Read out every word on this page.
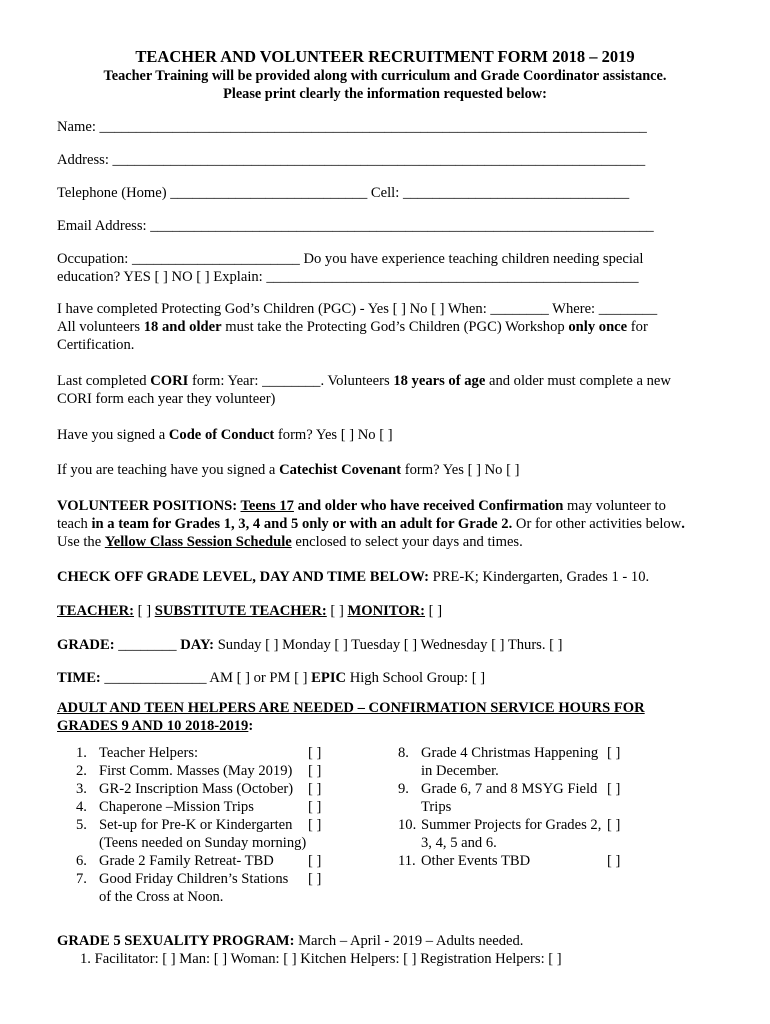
TEACHER AND VOLUNTEER RECRUITMENT FORM 2018 – 2019
Teacher Training will be provided along with curriculum and Grade Coordinator assistance.
Please print clearly the information requested below:
Name: ___________________________________________________________________________
Address: _________________________________________________________________________
Telephone (Home) ___________________________ Cell: _______________________________
Email Address: _____________________________________________________________________
Occupation: _______________________ Do you have experience teaching children needing special
education? YES [ ] NO [ ] Explain: ___________________________________________________
I have completed Protecting God’s Children (PGC) - Yes [ ] No [ ] When: ________ Where: ________
All volunteers 18 and older must take the Protecting God’s Children (PGC) Workshop only once for
Certification.
Last completed CORI form: Year: ________. Volunteers 18 years of age and older must complete a new
CORI form each year they volunteer)
Have you signed a Code of Conduct form? Yes [ ] No [ ]
If you are teaching have you signed a Catechist Covenant form? Yes [ ] No [ ]
VOLUNTEER POSITIONS: Teens 17 and older who have received Confirmation may volunteer to
teach in a team for Grades 1, 3, 4 and 5 only or with an adult for Grade 2. Or for other activities below.
Use the Yellow Class Session Schedule enclosed to select your days and times.
CHECK OFF GRADE LEVEL, DAY AND TIME BELOW: PRE-K; Kindergarten, Grades 1 - 10.
TEACHER: [ ] SUBSTITUTE TEACHER: [ ] MONITOR: [ ]
GRADE: ________ DAY: Sunday [ ] Monday [ ] Tuesday [ ] Wednesday [ ] Thurs. [ ]
TIME: ______________ AM [ ] or PM [ ] EPIC High School Group: [ ]
ADULT AND TEEN HELPERS ARE NEEDED – CONFIRMATION SERVICE HOURS FOR
GRADES 9 AND 10 2018-2019:
1. Teacher Helpers:	[ ]
2. First Comm. Masses (May 2019) [ ]
3. GR-2 Inscription Mass (October) [ ]
4. Chaperone –Mission Trips	[ ]
5. Set-up for Pre-K or Kindergarten [ ]
(Teens needed on Sunday morning)
6. Grade 2 Family Retreat- TBD [ ]
7. Good Friday Children’s Stations [ ]
of the Cross at Noon.
8. Grade 4 Christmas Happening [ ]
in December.
9. Grade 6, 7 and 8 MSYG Field [ ]
Trips
10. Summer Projects for Grades 2, [ ]
3, 4, 5 and 6.
11. Other Events TBD	[ ]
GRADE 5 SEXUALITY PROGRAM: March – April - 2019 – Adults needed.
1. Facilitator: [ ] Man: [ ] Woman: [ ] Kitchen Helpers: [ ] Registration Helpers: [ ]
